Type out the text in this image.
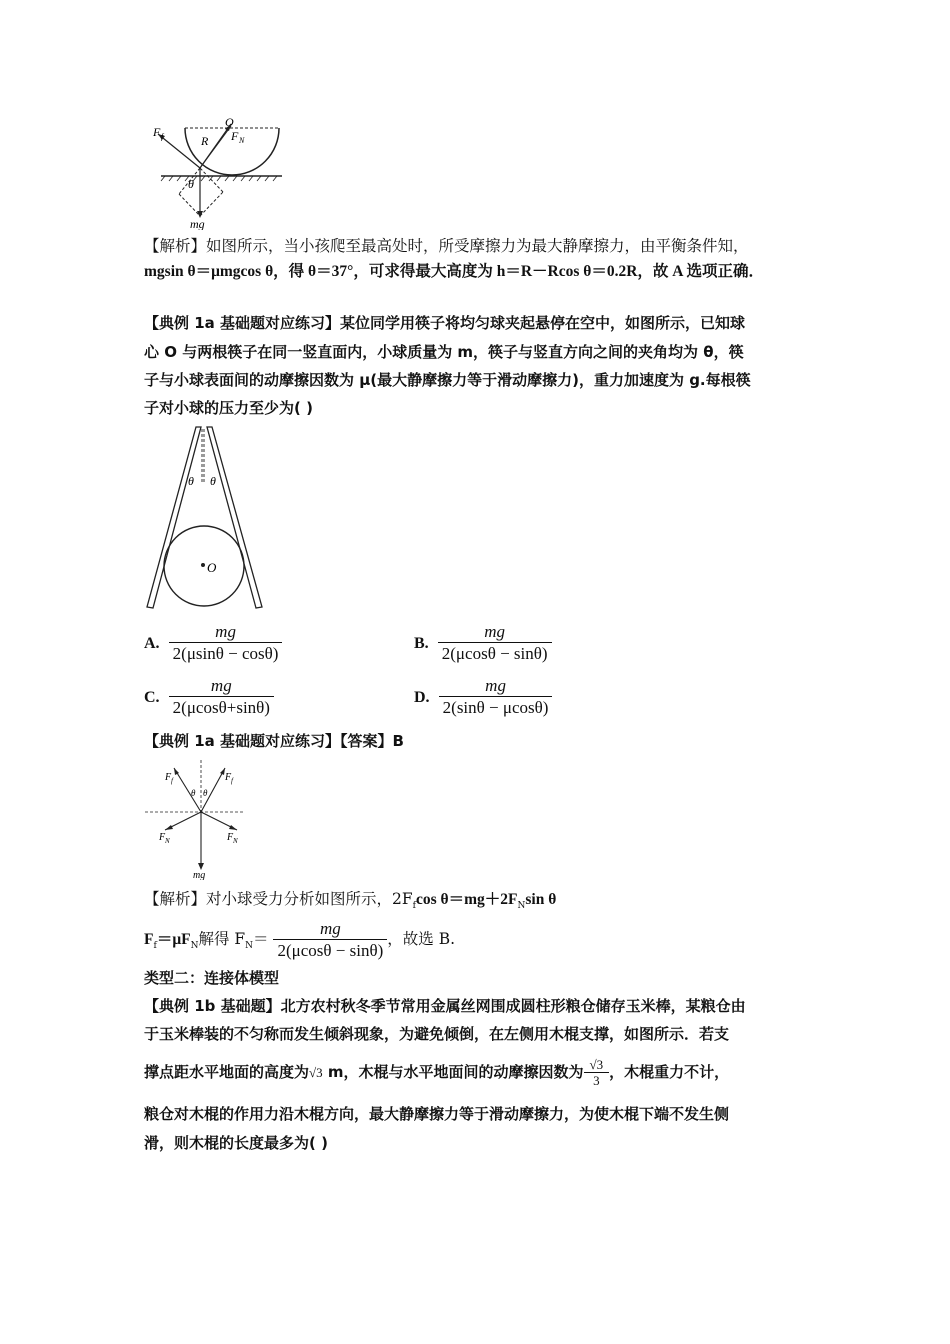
O
F f	R F N
θ
mg
【解析】如图所示，当小孩爬至最高处时，所受摩擦力为最大静摩擦力，由平衡条件知，
mgsin θ＝μmgcos θ，得 θ＝37°，可求得最大高度为 h＝R－Rcos θ＝0.2R，故 A 选项正确．
【典例 1a 基础题对应练习】某位同学用筷子将均匀球夹起悬停在空中，如图所示，已知球
心 O 与两根筷子在同一竖直面内，小球质量为 m，筷子与竖直方向之间的夹角均为 θ，筷
子与小球表面间的动摩擦因数为 μ(最大静摩擦力等于滑动摩擦力)，重力加速度为 g.每根筷
子对小球的压力至少为( )
θ θ
O
A. $\frac{mg}{2(\mu\sin\theta - \cos\theta)}$	B. $\frac{mg}{2(\mu\cos\theta - \sin\theta)}$
C. $\frac{mg}{2(\mu\cos\theta+\sin\theta)}$	D. $\frac{mg}{2(\sin\theta - \mu\cos\theta)}$
【典例 1a 基础题对应练习】【答案】B
F f	F f
θ θ
F N	F N
mg
【解析】对小球受力分析如图所示，$2F_f\cos$ $\theta=mg+2F_N\sin$ θ
$F_f=\mu F_N$解得 $F_N= \frac{mg}{2(\mu\cos\theta - \sin\theta)}$ ，故选 B.
类型二：连接体模型
【典例 1b 基础题】北方农村秋冬季节常用金属丝网围成圆柱形粮仓储存玉米棒，某粮仓由
于玉米棒装的不匀称而发生倾斜现象，为避免倾倒，在左侧用木棍支撑，如图所示．若支
撑点距水平地面的高度为√3 m，木棍与水平地面间的动摩擦因数为 $\frac{√3}{3}$ ，木棍重力不计，
粮仓对木棍的作用力沿木棍方向，最大静摩擦力等于滑动摩擦力，为使木棍下端不发生侧
滑，则木棍的长度最多为( )
